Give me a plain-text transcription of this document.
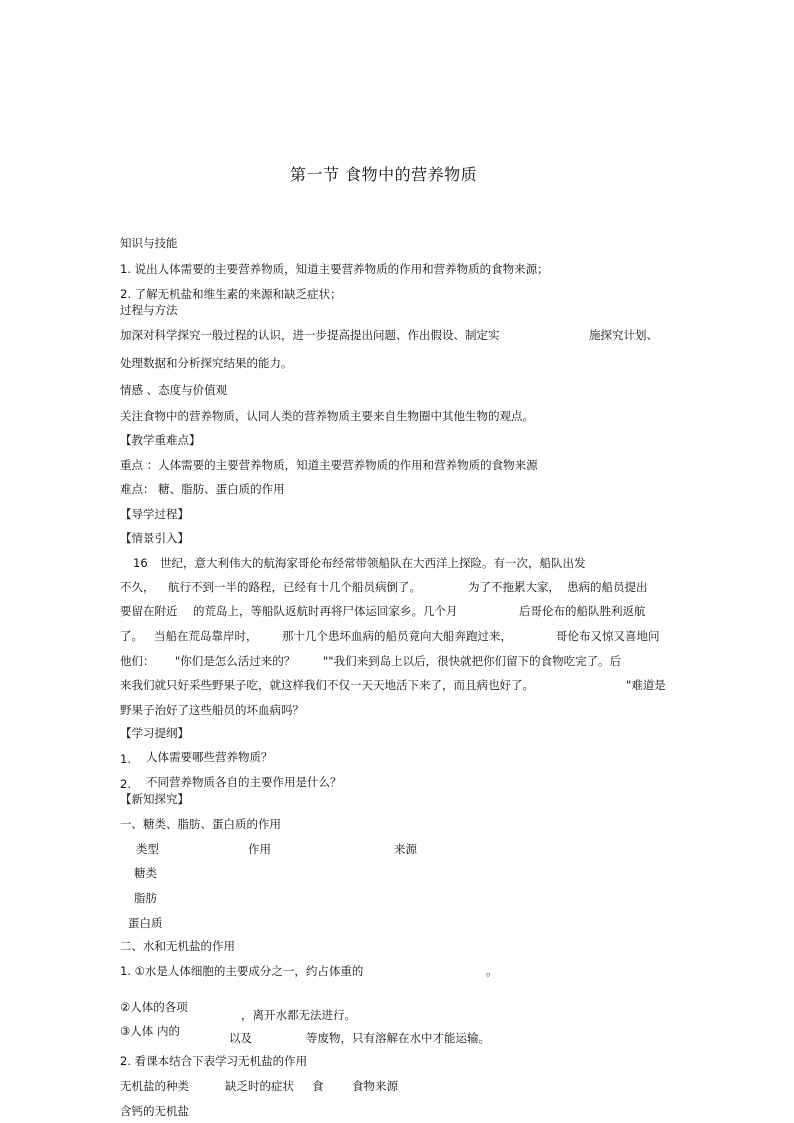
第一节 食物中的营养物质
知识与技能
1. 说出人体需要的主要营养物质，知道主要营养物质的作用和营养物质的食物来源；
2. 了解无机盐和维生素的来源和缺乏症状；
过程与方法
加深对科学探究一般过程的认识，进一步提高提出问题、作出假设、制定实	施探究计划、
处理数据和分析探究结果的能力。
情感 、态度与价值观
关注食物中的营养物质，认同人类的营养物质主要来自生物圈中其他生物的观点。
【教学重难点】
重点 ：人体需要的主要营养物质，知道主要营养物质的作用和营养物质的食物来源
难点： 糖、脂肪、蛋白质的作用
【导学过程】
【情景引入】
16 世纪，意大利伟大的航海家哥伦布经常带领船队在大西洋上探险。有一次，船队出发
不久， 航行不到一半的路程，已经有十几个船员病倒了。	为了不拖累大家， 患病的船员提出
要留在附近 的荒岛上，等船队返航时再将尸体运回家乡。几个月	后哥伦布的船队胜利返航
了。 当船在荒岛靠岸时， 那十几个患坏血病的船员竟向大船奔跑过来，	哥伦布又惊又喜地问
他们： "你们是怎么活过来的？ ""我们来到岛上以后，很快就把你们留下的食物吃完了。后
来我们就只好采些野果子吃，就这样我们不仅一天天地活下来了，而且病也好了。	"难道是
野果子治好了这些船员的坏血病吗？
【学习提纲】
1. 人体需要哪些营养物质？
2. 不同营养物质各自的主要作用是什么？
【新知探究】
一、糖类、脂肪、蛋白质的作用
类型	作用	来源
糖类
脂肪
蛋白质
二、水和无机盐的作用
1. ①水是人体细胞的主要成分之一，约占体重的	。
②人体的各项
，离开水都无法进行。
③人体 内的	以及	等废物，只有溶解在水中才能运输。
2. 看课本结合下表学习无机盐的作用
无机盐的种类	缺乏时的症状 食 食物来源
含钙的无机盐
